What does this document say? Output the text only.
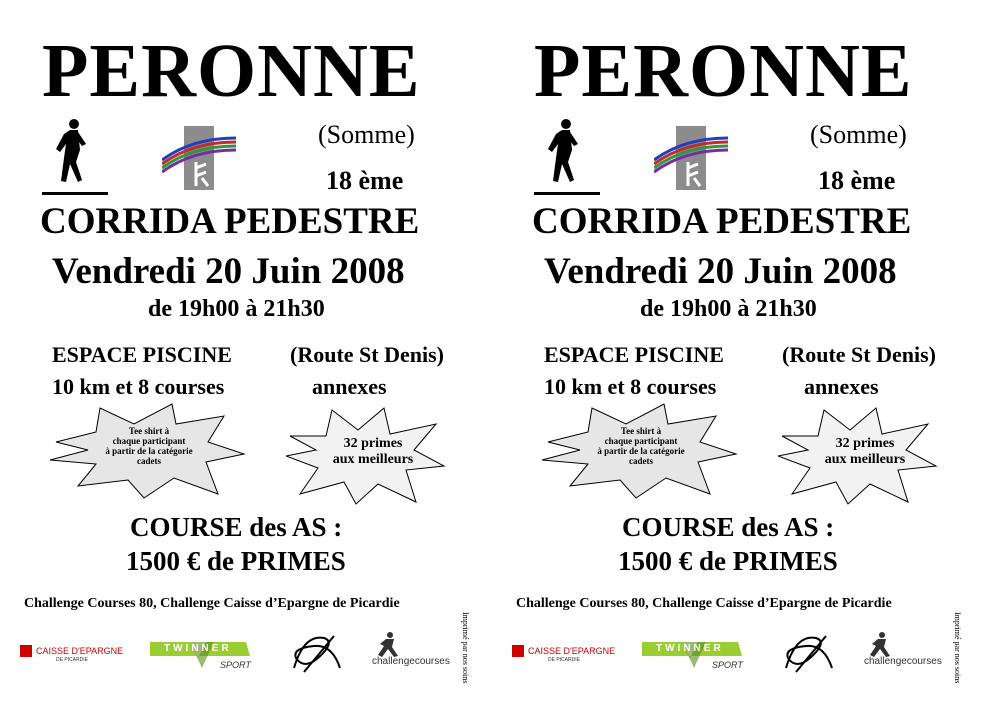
PERONNE
(Somme)
18 ème
CORRIDA PEDESTRE
Vendredi 20 Juin 2008
de 19h00 à 21h30
ESPACE PISCINE	(Route St Denis)
10 km et 8 courses	annexes
Tee shirt à
chaque participant
à partir de la catégorie
cadets
32 primes
aux meilleurs
COURSE des AS :
1500 € de PRIMES
Challenge Courses 80, Challenge Caisse d’Epargne de Picardie
Imprimé par nos soins
CAISSE D'EPARGNE
DE PICARDIE
TWINNER
SPORT	challengecourses
PERONNE
(Somme)
18 ème
CORRIDA PEDESTRE
Vendredi 20 Juin 2008
de 19h00 à 21h30
ESPACE PISCINE	(Route St Denis)
10 km et 8 courses	annexes
Tee shirt à
chaque participant
à partir de la catégorie
cadets
32 primes
aux meilleurs
COURSE des AS :
1500 € de PRIMES
Challenge Courses 80, Challenge Caisse d’Epargne de Picardie
Imprimé par nos soins
CAISSE D'EPARGNE
DE PICARDIE
TWINNER
SPORT	challengecourses
